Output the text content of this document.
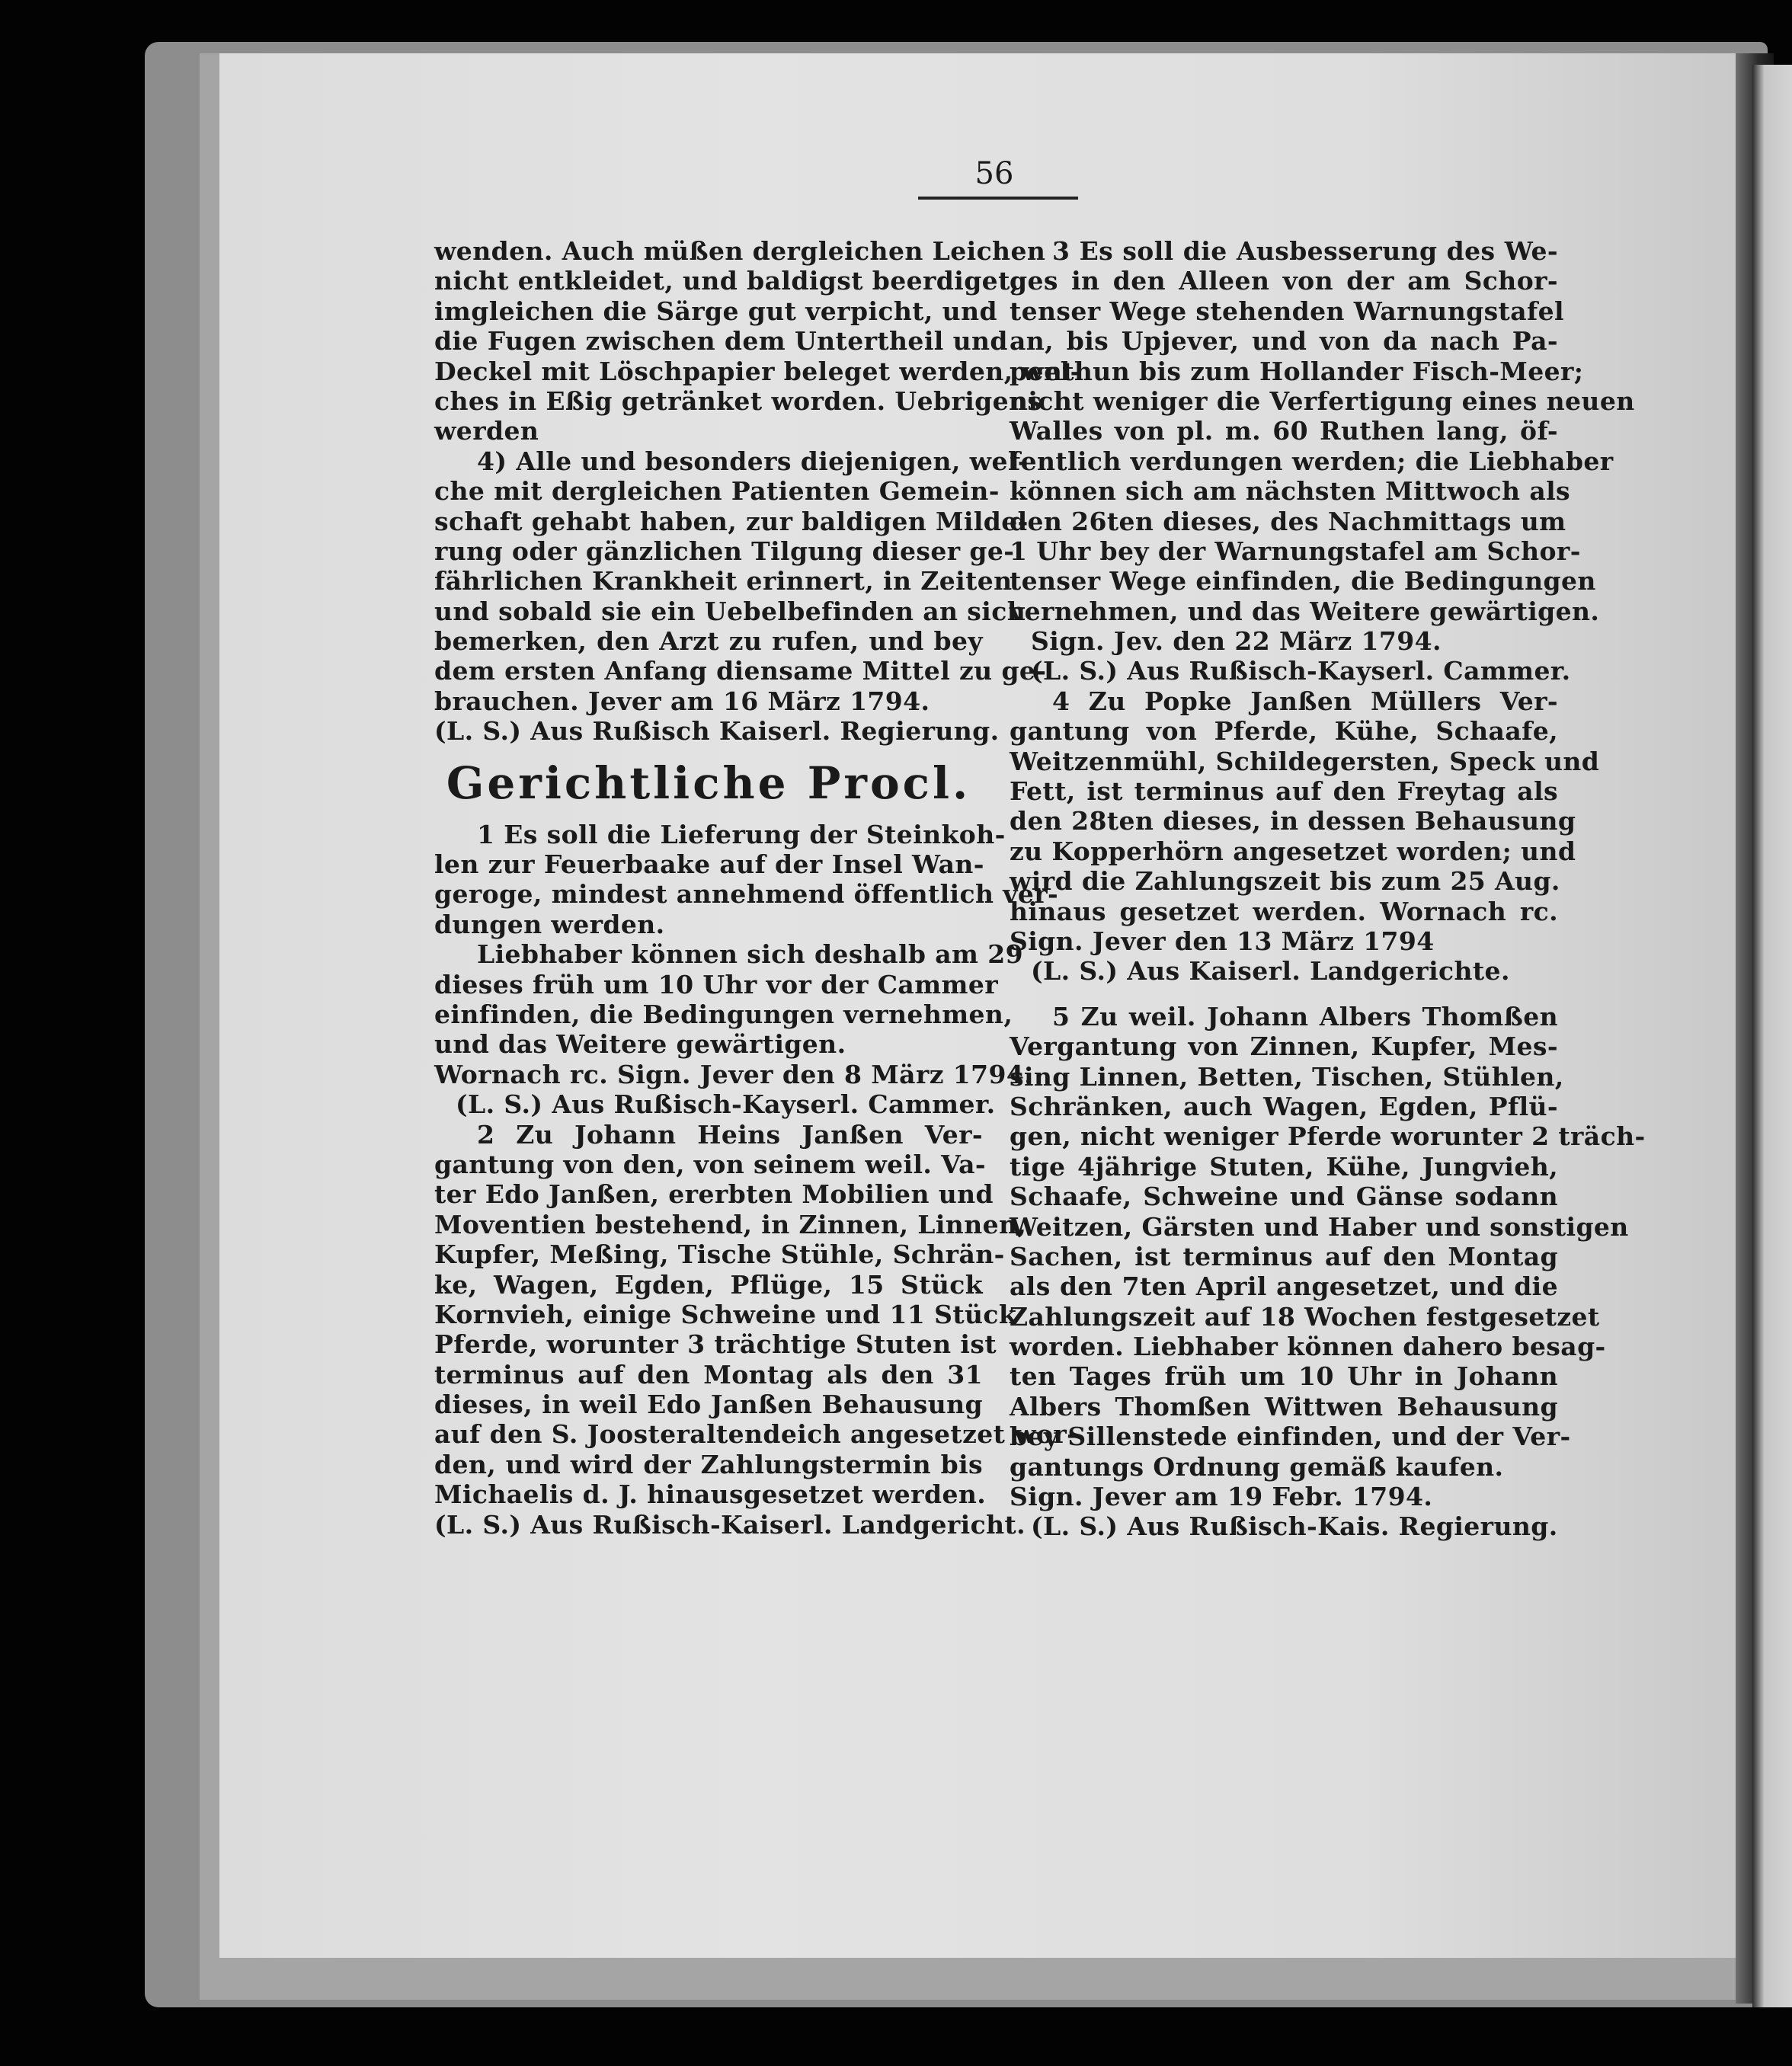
56
wenden. Auch müßen dergleichen Leichen
nicht entkleidet, und baldigst beerdiget,
imgleichen die Särge gut verpicht, und
die Fugen zwischen dem Untertheil und
Deckel mit Löschpapier beleget werden, wel-
ches in Eßig getränket worden. Uebrigens
werden
4) Alle und besonders diejenigen, wel-
che mit dergleichen Patienten Gemein-
schaft gehabt haben, zur baldigen Milde-
rung oder gänzlichen Tilgung dieser ge-
fährlichen Krankheit erinnert, in Zeiten
und sobald sie ein Uebelbefinden an sich
bemerken, den Arzt zu rufen, und bey
dem ersten Anfang diensame Mittel zu ge-
brauchen. Jever am 16 März 1794.
(L. S.) Aus Rußisch Kaiserl. Regierung.
Gerichtliche Procl.
1 Es soll die Lieferung der Steinkoh-
len zur Feuerbaake auf der Insel Wan-
geroge, mindest annehmend öffentlich ver-
dungen werden.
Liebhaber können sich deshalb am 29
dieses früh um 10 Uhr vor der Cammer
einfinden, die Bedingungen vernehmen,
und das Weitere gewärtigen.
Wornach rc. Sign. Jever den 8 März 1794.
(L. S.) Aus Rußisch-Kayserl. Cammer.
2 Zu Johann Heins Janßen Ver-
gantung von den, von seinem weil. Va-
ter Edo Janßen, ererbten Mobilien und
Moventien bestehend, in Zinnen, Linnen,
Kupfer, Meßing, Tische Stühle, Schrän-
ke, Wagen, Egden, Pflüge, 15 Stück
Kornvieh, einige Schweine und 11 Stück
Pferde, worunter 3 trächtige Stuten ist
terminus auf den Montag als den 31
dieses, in weil Edo Janßen Behausung
auf den S. Joosteraltendeich angesetzet wor-
den, und wird der Zahlungstermin bis
Michaelis d. J. hinausgesetzet werden.
(L. S.) Aus Rußisch-Kaiserl. Landgericht.
3 Es soll die Ausbesserung des We-
ges in den Alleen von der am Schor-
tenser Wege stehenden Warnungstafel
an, bis Upjever, und von da nach Pa-
penthun bis zum Hollander Fisch-Meer;
nicht weniger die Verfertigung eines neuen
Walles von pl. m. 60 Ruthen lang, öf-
fentlich verdungen werden; die Liebhaber
können sich am nächsten Mittwoch als
den 26ten dieses, des Nachmittags um
1 Uhr bey der Warnungstafel am Schor-
tenser Wege einfinden, die Bedingungen
vernehmen, und das Weitere gewärtigen.
Sign. Jev. den 22 März 1794.
(L. S.) Aus Rußisch-Kayserl. Cammer.
4 Zu Popke Janßen Müllers Ver-
gantung von Pferde, Kühe, Schaafe,
Weitzenmühl, Schildegersten, Speck und
Fett, ist terminus auf den Freytag als
den 28ten dieses, in dessen Behausung
zu Kopperhörn angesetzet worden; und
wird die Zahlungszeit bis zum 25 Aug.
hinaus gesetzet werden. Wornach rc.
Sign. Jever den 13 März 1794
(L. S.) Aus Kaiserl. Landgerichte.
5 Zu weil. Johann Albers Thomßen
Vergantung von Zinnen, Kupfer, Mes-
sing Linnen, Betten, Tischen, Stühlen,
Schränken, auch Wagen, Egden, Pflü-
gen, nicht weniger Pferde worunter 2 träch-
tige 4jährige Stuten, Kühe, Jungvieh,
Schaafe, Schweine und Gänse sodann
Weitzen, Gärsten und Haber und sonstigen
Sachen, ist terminus auf den Montag
als den 7ten April angesetzet, und die
Zahlungszeit auf 18 Wochen festgesetzet
worden. Liebhaber können dahero besag-
ten Tages früh um 10 Uhr in Johann
Albers Thomßen Wittwen Behausung
bey Sillenstede einfinden, und der Ver-
gantungs Ordnung gemäß kaufen.
Sign. Jever am 19 Febr. 1794.
(L. S.) Aus Rußisch-Kais. Regierung.
